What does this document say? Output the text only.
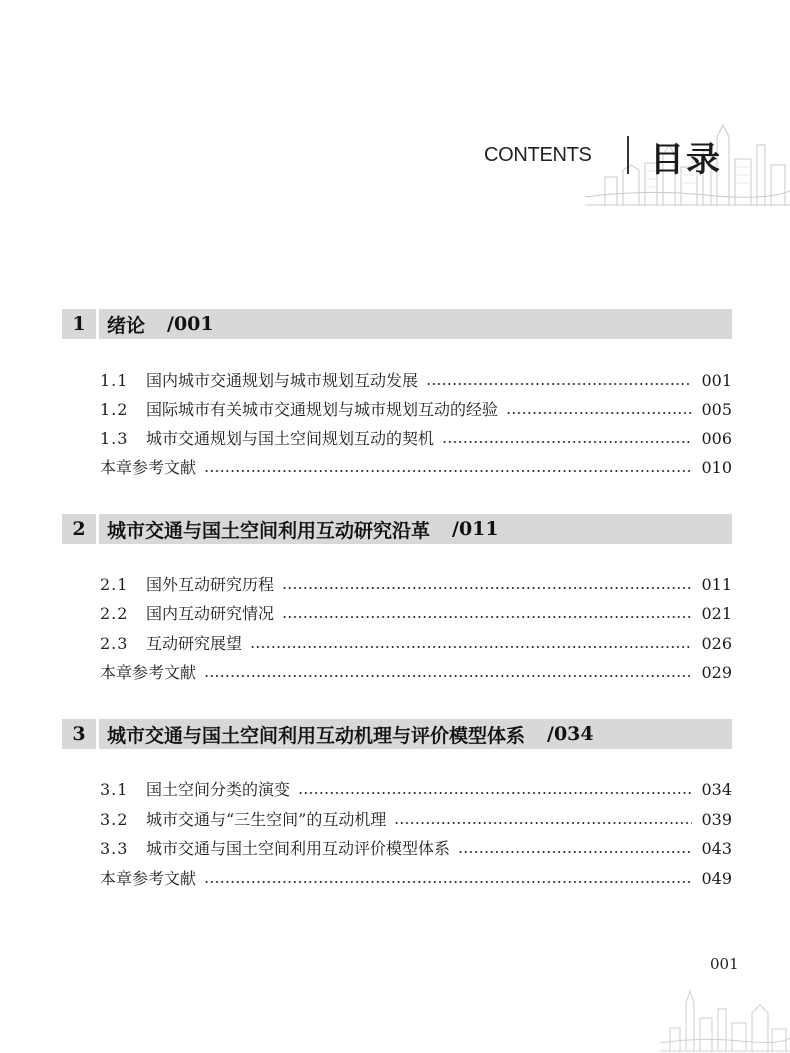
CONTENTS 目录
1	绪论 /001
1.1	国内城市交通规划与城市规划互动发展	001
1.2	国际城市有关城市交通规划与城市规划互动的经验	005
1.3	城市交通规划与国土空间规划互动的契机	006
本章参考文献	010
2	城市交通与国土空间利用互动研究沿革 /011
2.1	国外互动研究历程	011
2.2	国内互动研究情况	021
2.3	互动研究展望	026
本章参考文献	029
3	城市交通与国土空间利用互动机理与评价模型体系 /034
3.1	国土空间分类的演变	034
3.2	城市交通与“三生空间”的互动机理	039
3.3	城市交通与国土空间利用互动评价模型体系	043
本章参考文献	049
001
